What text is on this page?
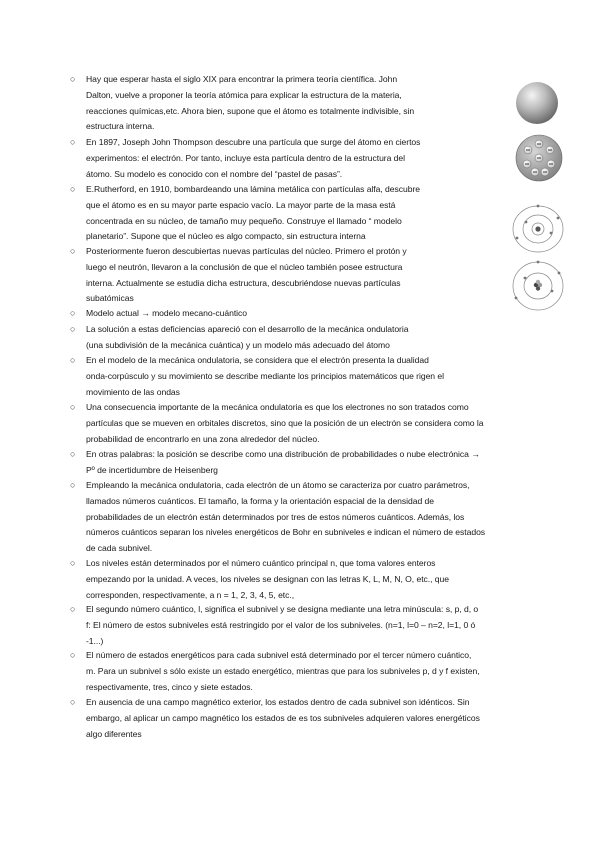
○ Hay que esperar hasta el siglo XIX para encontrar la primera teoría científica. John
Dalton, vuelve a proponer la teoría atómica para explicar la estructura de la materia,
reacciones químicas,etc. Ahora bien, supone que el átomo es totalmente indivisible, sin
estructura interna.
○ En 1897, Joseph John Thompson descubre una partícula que surge del átomo en ciertos
experimentos: el electrón. Por tanto, incluye esta partícula dentro de la estructura del
átomo. Su modelo es conocido con el nombre del “pastel de pasas”.
○ E.Rutherford, en 1910, bombardeando una lámina metálica con partículas alfa, descubre
que el átomo es en su mayor parte espacio vacío. La mayor parte de la masa está
concentrada en su núcleo, de tamaño muy pequeño. Construye el llamado “ modelo
planetario”. Supone que el núcleo es algo compacto, sin estructura interna
○ Posteriormente fueron descubiertas nuevas partículas del núcleo. Primero el protón y
luego el neutrón, llevaron a la conclusión de que el núcleo también posee estructura
interna. Actualmente se estudia dicha estructura, descubriéndose nuevas partículas
subatómicas
○ Modelo actual → modelo mecano-cuántico
○ La solución a estas deficiencias apareció con el desarrollo de la mecánica ondulatoria
(una subdivisión de la mecánica cuántica) y un modelo más adecuado del átomo
○ En el modelo de la mecánica ondulatoria, se considera que el electrón presenta la dualidad
onda-corpúsculo y su movimiento se describe mediante los principios matemáticos que rigen el
movimiento de las ondas
○ Una consecuencia importante de la mecánica ondulatoria es que los electrones no son tratados como
partículas que se mueven en orbitales discretos, sino que la posición de un electrón se considera como la
probabilidad de encontrarlo en una zona alrededor del núcleo.
○ En otras palabras: la posición se describe como una distribución de probabilidades o nube electrónica →
Pº de incertidumbre de Heisenberg
○ Empleando la mecánica ondulatoria, cada electrón de un átomo se caracteriza por cuatro parámetros,
llamados números cuánticos. El tamaño, la forma y la orientación espacial de la densidad de
probabilidades de un electrón están determinados por tres de estos números cuánticos. Además, los
números cuánticos separan los niveles energéticos de Bohr en subniveles e indican el número de estados
de cada subnivel.
○ Los niveles están determinados por el número cuántico principal n, que toma valores enteros
empezando por la unidad. A veces, los niveles se designan con las letras K, L, M, N, O, etc., que
corresponden, respectivamente, a n = 1, 2, 3, 4, 5, etc.,
○ El segundo número cuántico, l, significa el subnivel y se designa mediante una letra minúscula: s, p, d, o
f: El número de estos subniveles está restringido por el valor de los subniveles. (n=1, l=0 – n=2, l=1, 0 ó
-1...)
○ El número de estados energéticos para cada subnivel está determinado por el tercer número cuántico,
m. Para un subnivel s sólo existe un estado energético, mientras que para los subniveles p, d y f existen,
respectivamente, tres, cinco y siete estados.
○ En ausencia de una campo magnético exterior, los estados dentro de cada subnivel son idénticos. Sin
embargo, al aplicar un campo magnético los estados de es tos subniveles adquieren valores energéticos
algo diferentes
